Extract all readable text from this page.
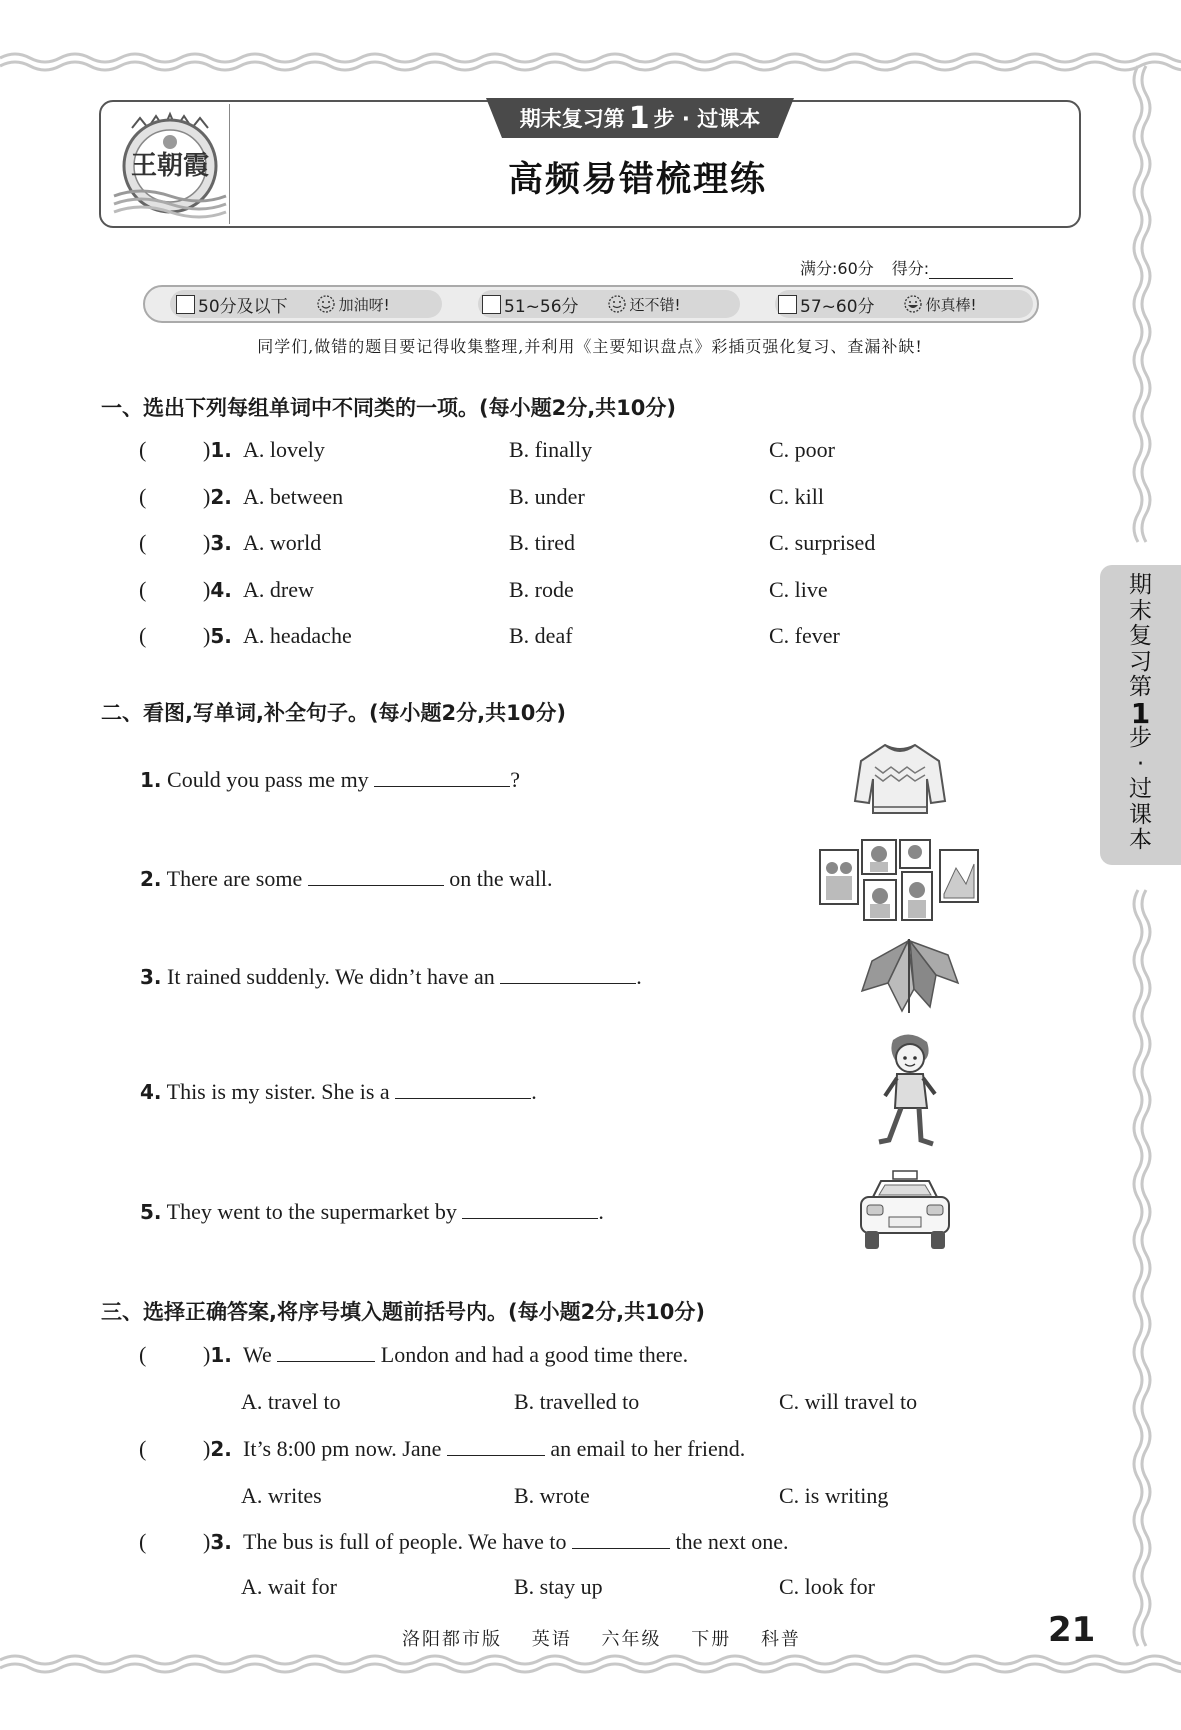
王朝霞
期末复习第 1 步 · 过课本
高频易错梳理练
满分:60分 得分:
50分及以下	加油呀!	51~56分	还不错!	57~60分	你真棒!
同学们,做错的题目要记得收集整理,并利用《主要知识盘点》彩插页强化复习、查漏补缺!
一、选出下列每组单词中不同类的一项。(每小题2分,共10分)
(	)1. A. lovely	B. finally	C. poor
(	)2. A. between	B. under	C. kill
(	)3. A. world	B. tired	C. surprised
(	)4. A. drew	B. rode	C. live
(	)5. A. headache	B. deaf	C. fever
二、看图,写单词,补全句子。(每小题2分,共10分)
1. Could you pass me my	?
2. There are some	on the wall.
3. It rained suddenly. We didn’t have an	.
4. This is my sister. She is a	.
5. They went to the supermarket by	.
三、选择正确答案,将序号填入题前括号内。(每小题2分,共10分)
(	)1. We	London and had a good time there.
A. travel to	B. travelled to	C. will travel to
(	)2. It’s 8:00 pm now. Jane	an email to her friend.
A. writes	B. wrote	C. is writing
(	)3. The bus is full of people. We have to	the next one.
A. wait for	B. stay up	C. look for
期末复习第
1
步·过课本
洛阳都市版 英语 六年级 下册 科普	21
